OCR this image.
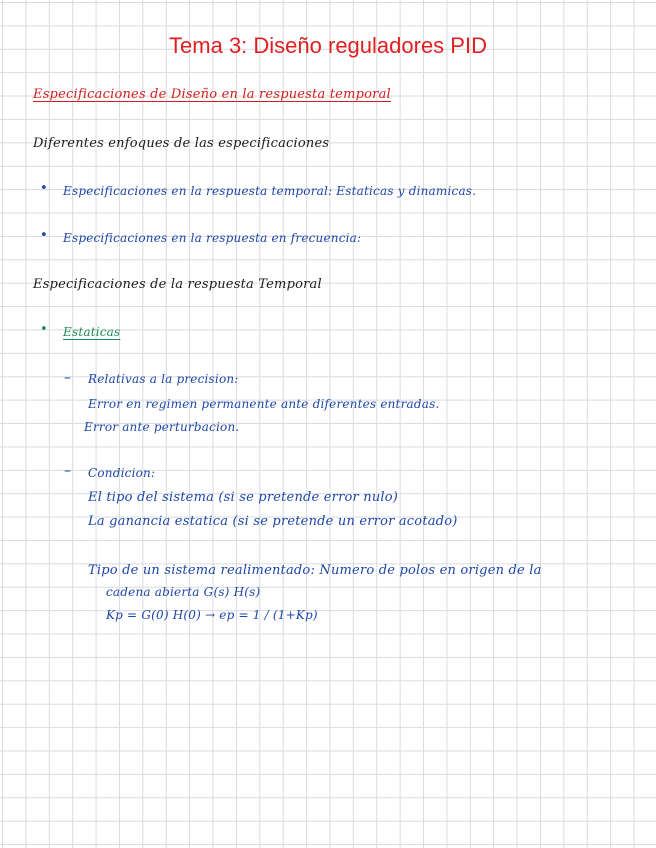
Tema 3: Diseño reguladores PID
Especificaciones de Diseño en la respuesta temporal
Diferentes enfoques de las especificaciones
• Especificaciones en la respuesta temporal: Estaticas y dinamicas.
• Especificaciones en la respuesta en frecuencia:
Especificaciones de la respuesta Temporal
• Estaticas
– Relativas a la precision:
Error en regimen permanente ante diferentes entradas.
Error ante perturbacion.
– Condicion:
El tipo del sistema (si se pretende error nulo)
La ganancia estatica (si se pretende un error acotado)
Tipo de un sistema realimentado: Numero de polos en origen de la
cadena abierta G(s) H(s)
Kp = G(0) H(0) → ep = 1 / (1+Kp)
